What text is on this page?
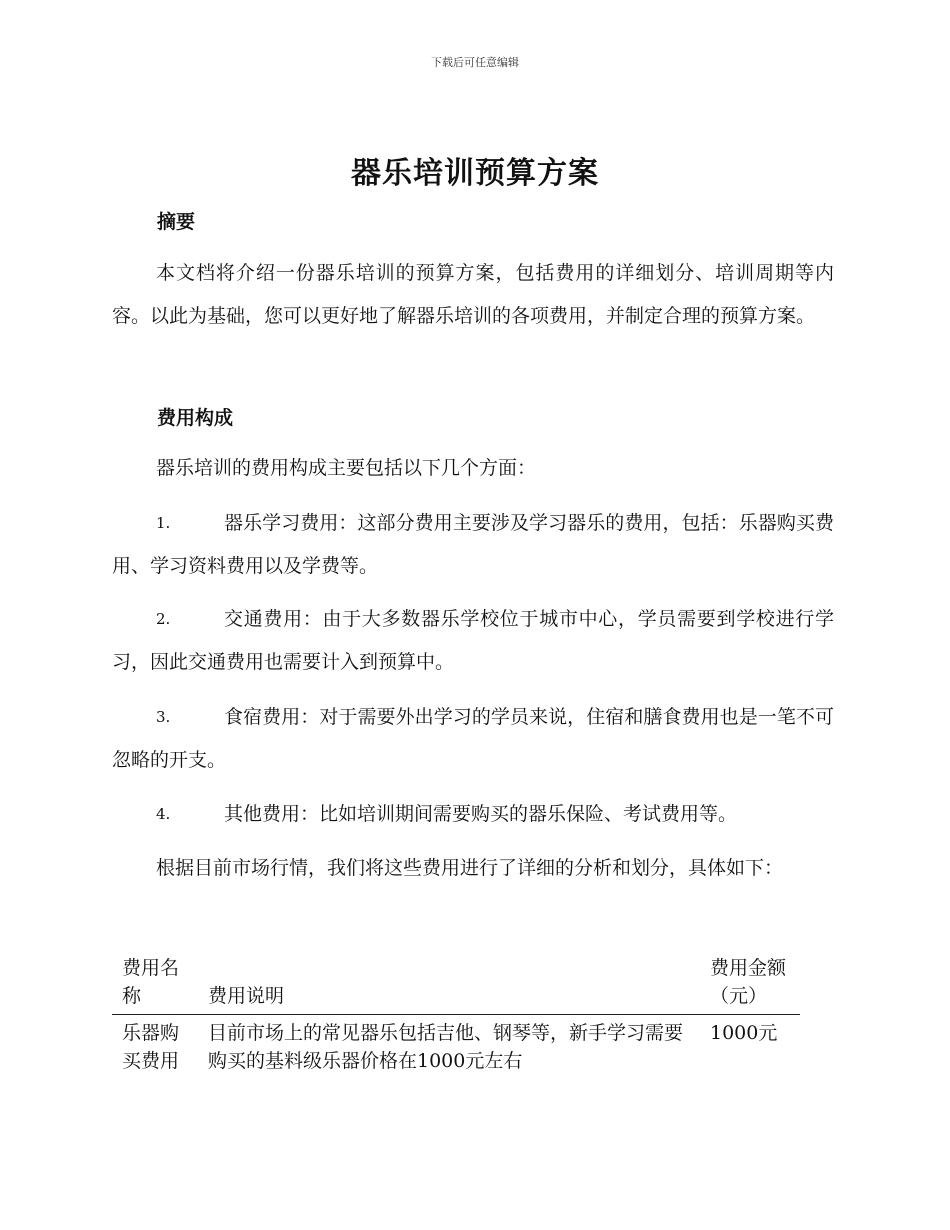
下载后可任意编辑
器乐培训预算方案
摘要
本文档将介绍一份器乐培训的预算方案，包括费用的详细划分、培训周期等内容。以此为基础，您可以更好地了解器乐培训的各项费用，并制定合理的预算方案。
费用构成
器乐培训的费用构成主要包括以下几个方面：
1.	器乐学习费用：这部分费用主要涉及学习器乐的费用，包括：乐器购买费用、学习资料费用以及学费等。
2.	交通费用：由于大多数器乐学校位于城市中心，学员需要到学校进行学习，因此交通费用也需要计入到预算中。
3.	食宿费用：对于需要外出学习的学员来说，住宿和膳食费用也是一笔不可忽略的开支。
4.	其他费用：比如培训期间需要购买的器乐保险、考试费用等。
根据目前市场行情，我们将这些费用进行了详细的分析和划分，具体如下：
费用名称	费用说明	费用金额（元）
乐器购买费用	目前市场上的常见器乐包括吉他、钢琴等，新手学习需要购买的基料级乐器价格在1000元左右	1000元
